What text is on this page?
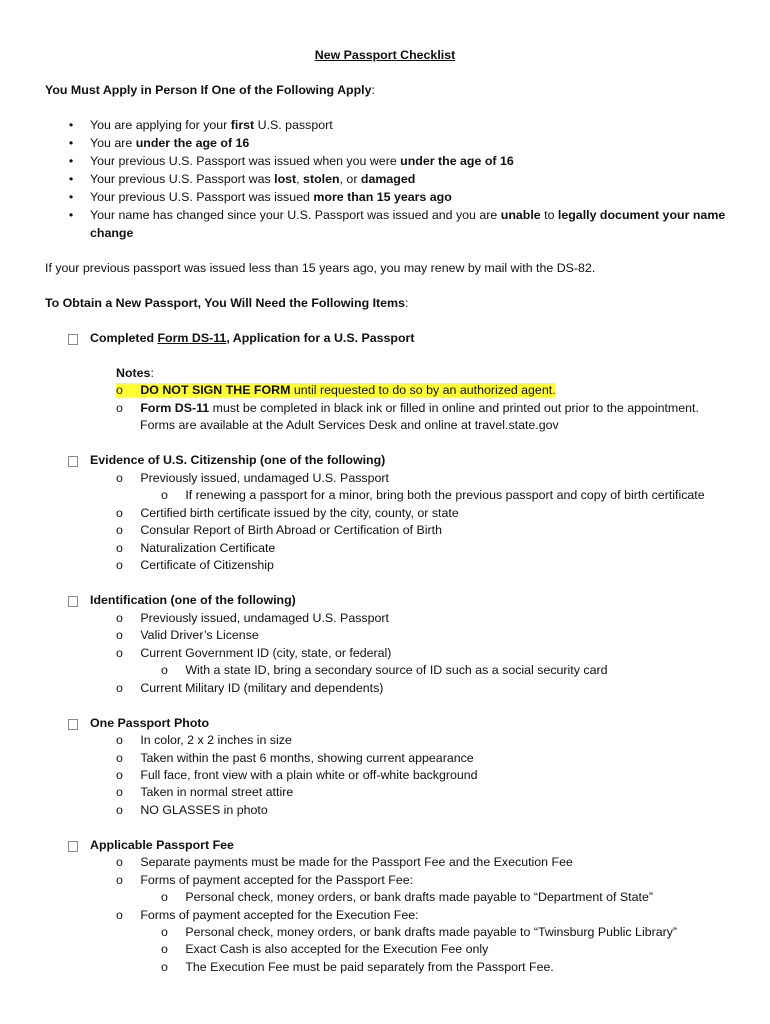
New Passport Checklist
You Must Apply in Person If One of the Following Apply:
• You are applying for your first U.S. passport
• You are under the age of 16
• Your previous U.S. Passport was issued when you were under the age of 16
• Your previous U.S. Passport was lost, stolen, or damaged
• Your previous U.S. Passport was issued more than 15 years ago
• Your name has changed since your U.S. Passport was issued and you are unable to legally document your name
change
If your previous passport was issued less than 15 years ago, you may renew by mail with the DS-82.
To Obtain a New Passport, You Will Need the Following Items:
Completed Form DS-11, Application for a U.S. Passport
Notes:
o DO NOT SIGN THE FORM until requested to do so by an authorized agent.
o Form DS-11 must be completed in black ink or filled in online and printed out prior to the appointment.
Forms are available at the Adult Services Desk and online at travel.state.gov
Evidence of U.S. Citizenship (one of the following)
o Previously issued, undamaged U.S. Passport
o If renewing a passport for a minor, bring both the previous passport and copy of birth certificate
o Certified birth certificate issued by the city, county, or state
o Consular Report of Birth Abroad or Certification of Birth
o Naturalization Certificate
o Certificate of Citizenship
Identification (one of the following)
o Previously issued, undamaged U.S. Passport
o Valid Driver’s License
o Current Government ID (city, state, or federal)
o With a state ID, bring a secondary source of ID such as a social security card
o Current Military ID (military and dependents)
One Passport Photo
o In color, 2 x 2 inches in size
o Taken within the past 6 months, showing current appearance
o Full face, front view with a plain white or off-white background
o Taken in normal street attire
o NO GLASSES in photo
Applicable Passport Fee
o Separate payments must be made for the Passport Fee and the Execution Fee
o Forms of payment accepted for the Passport Fee:
o Personal check, money orders, or bank drafts made payable to “Department of State”
o Forms of payment accepted for the Execution Fee:
o Personal check, money orders, or bank drafts made payable to “Twinsburg Public Library”
o Exact Cash is also accepted for the Execution Fee only
o The Execution Fee must be paid separately from the Passport Fee.
